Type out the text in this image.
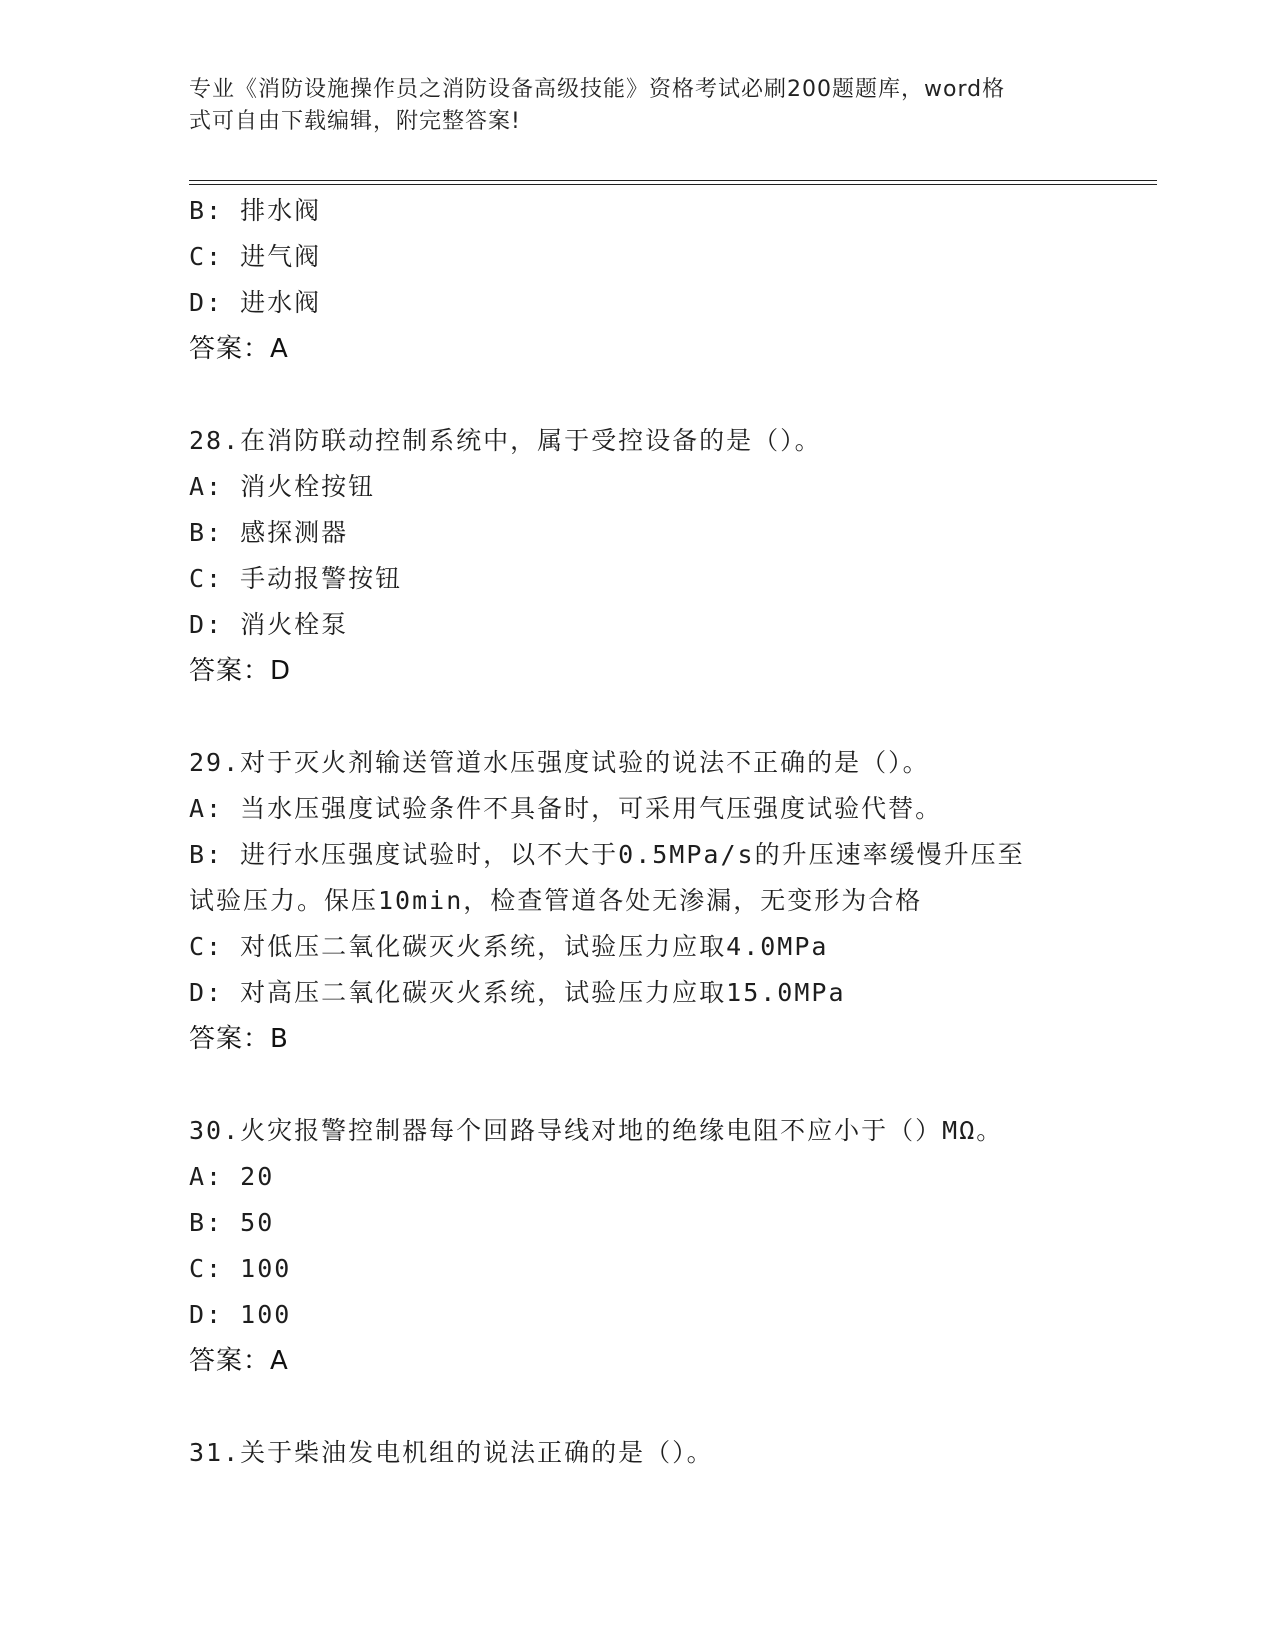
专业《消防设施操作员之消防设备高级技能》资格考试必刷200题题库，word格
式可自由下载编辑，附完整答案!
B: 排水阀
C: 进气阀
D: 进水阀
答案：A
28.在消防联动控制系统中，属于受控设备的是（）。
A: 消火栓按钮
B: 感探测器
C: 手动报警按钮
D: 消火栓泵
答案：D
29.对于灭火剂输送管道水压强度试验的说法不正确的是（）。
A: 当水压强度试验条件不具备时，可采用气压强度试验代替。
B: 进行水压强度试验时，以不大于0.5MPa/s的升压速率缓慢升压至
试验压力。保压10min，检查管道各处无渗漏，无变形为合格
C: 对低压二氧化碳灭火系统，试验压力应取4.0MPa
D: 对高压二氧化碳灭火系统，试验压力应取15.0MPa
答案：B
30.火灾报警控制器每个回路导线对地的绝缘电阻不应小于（）MΩ。
A: 20
B: 50
C: 100
D: 100
答案：A
31.关于柴油发电机组的说法正确的是（）。
